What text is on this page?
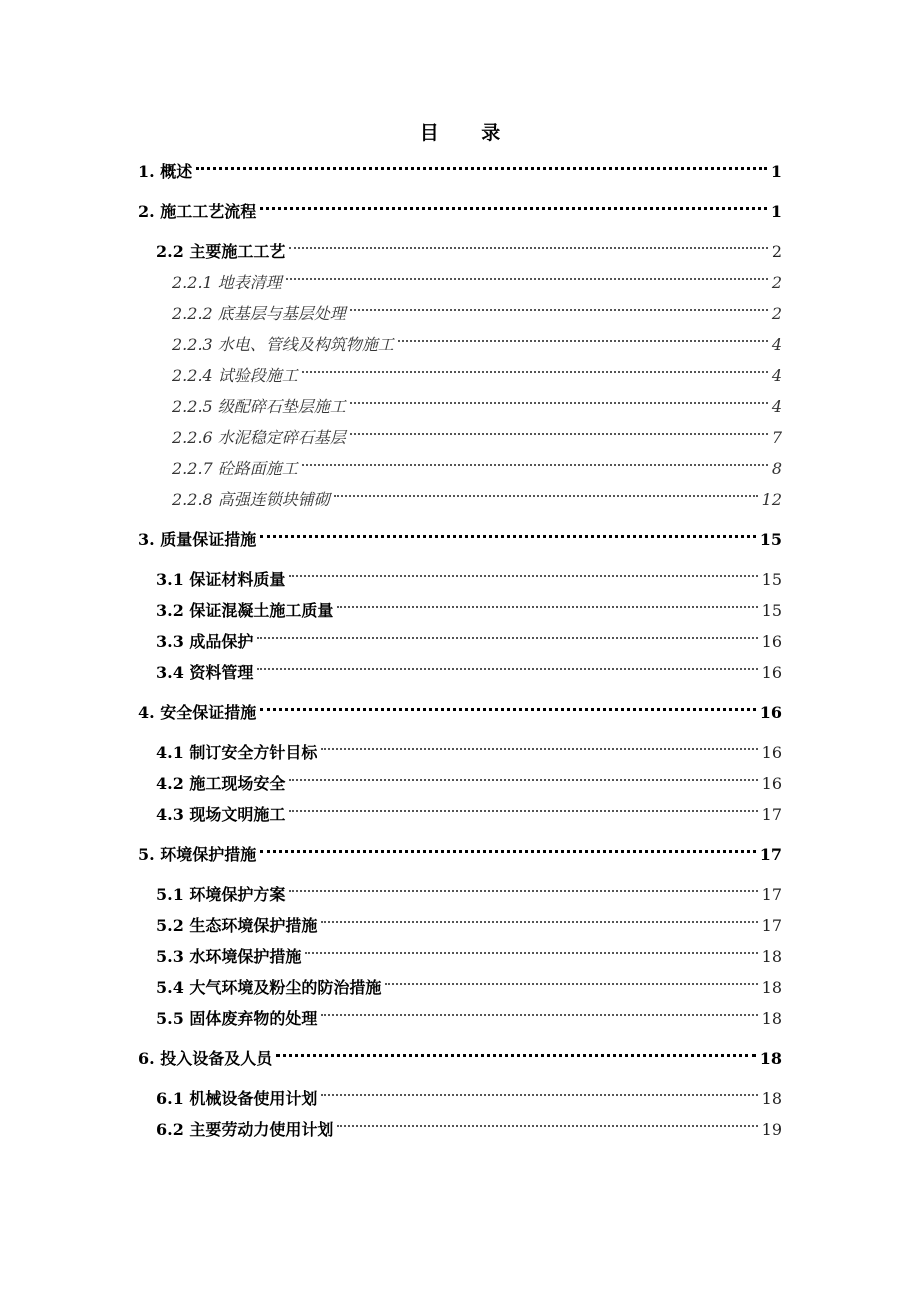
目 录
1. 概述	1
2. 施工工艺流程	1
2.2 主要施工工艺	2
2.2.1 地表清理	2
2.2.2 底基层与基层处理	2
2.2.3 水电、管线及构筑物施工	4
2.2.4 试验段施工	4
2.2.5 级配碎石垫层施工	4
2.2.6 水泥稳定碎石基层	7
2.2.7 砼路面施工	8
2.2.8 高强连锁块铺砌	12
3. 质量保证措施	15
3.1 保证材料质量	15
3.2 保证混凝土施工质量	15
3.3 成品保护	16
3.4 资料管理	16
4. 安全保证措施	16
4.1 制订安全方针目标	16
4.2 施工现场安全	16
4.3 现场文明施工	17
5. 环境保护措施	17
5.1 环境保护方案	17
5.2 生态环境保护措施	17
5.3 水环境保护措施	18
5.4 大气环境及粉尘的防治措施	18
5.5 固体废弃物的处理	18
6. 投入设备及人员	18
6.1 机械设备使用计划	18
6.2 主要劳动力使用计划	19
